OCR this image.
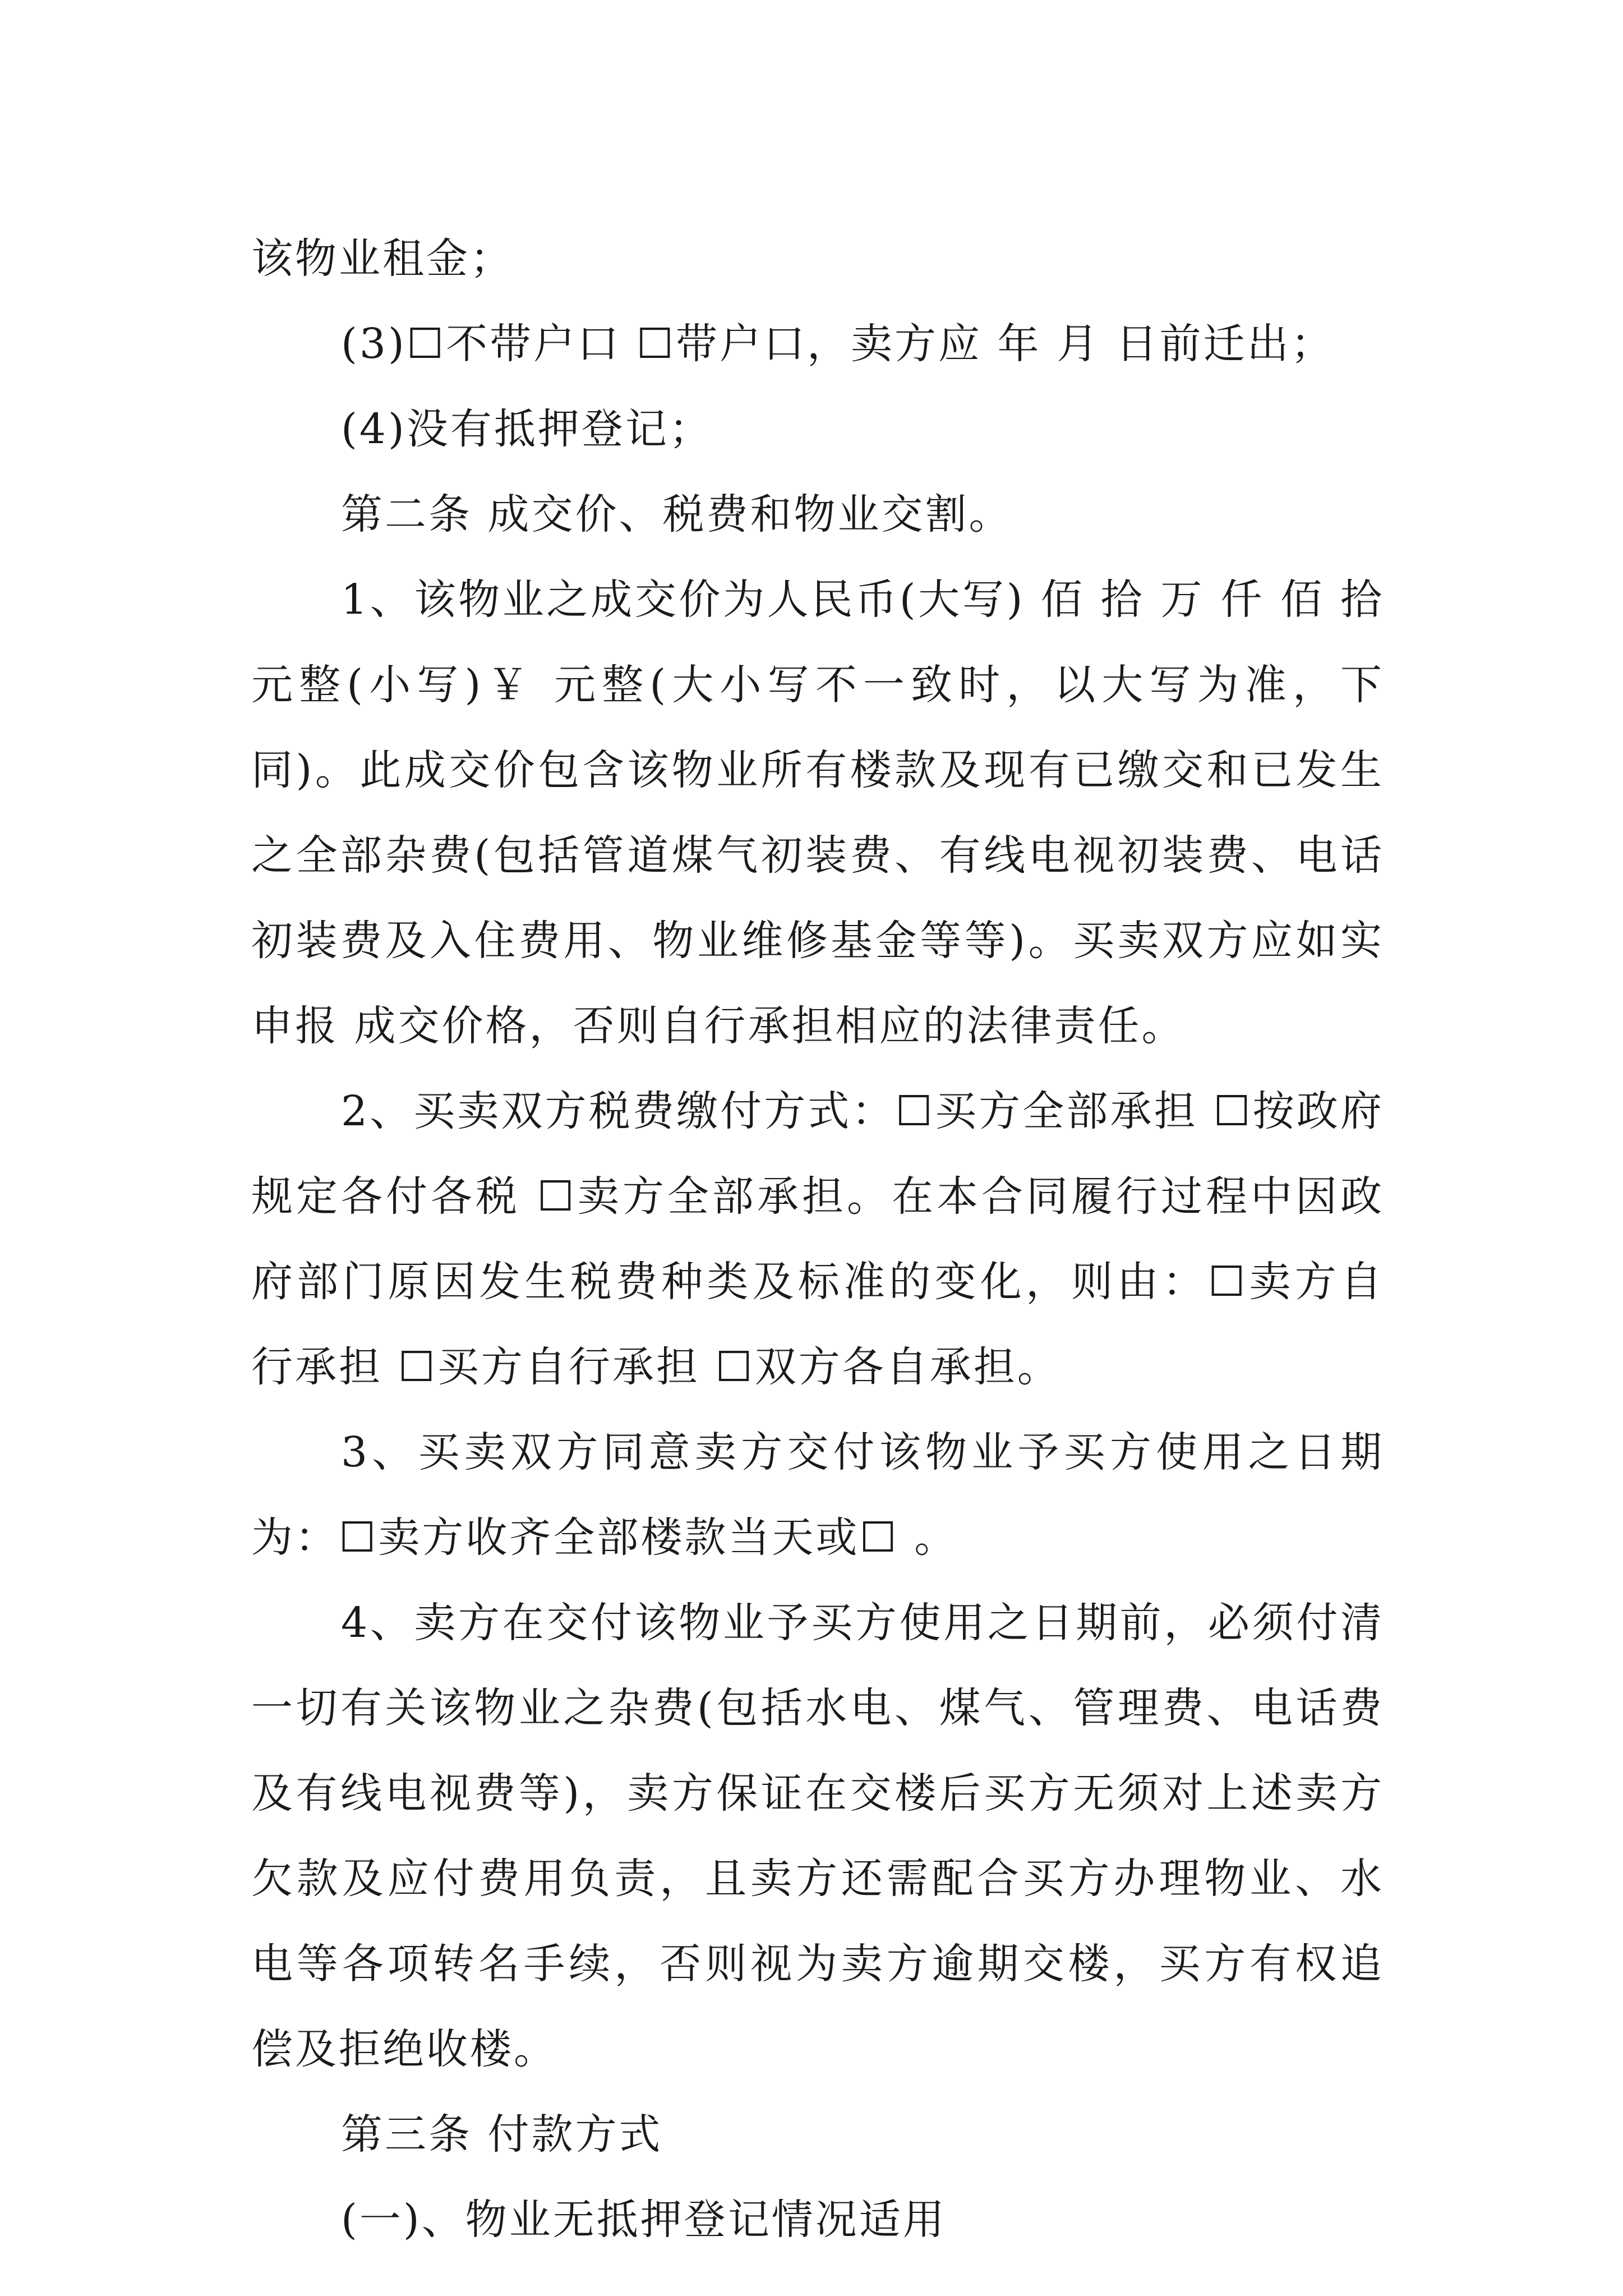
该物业租金；

(3)☐不带户口 ☐带户口，卖方应 年 月 日前迁出；

(4)没有抵押登记；

第二条 成交价、税费和物业交割。

1、该物业之成交价为人民币(大写) 佰 拾 万 仟 佰 拾 元整(小写)￥ 元整(大小写不一致时，以大写为准，下同)。此成交价包含该物业所有楼款及现有已缴交和已发生之全部杂费(包括管道煤气初装费、有线电视初装费、电话初装费及入住费用、物业维修基金等等)。买卖双方应如实申报 成交价格，否则自行承担相应的法律责任。

2、买卖双方税费缴付方式：☐买方全部承担 ☐按政府规定各付各税 ☐卖方全部承担。在本合同履行过程中因政府部门原因发生税费种类及标准的变化，则由：☐卖方自行承担 ☐买方自行承担 ☐双方各自承担。

3、买卖双方同意卖方交付该物业予买方使用之日期为：☐卖方收齐全部楼款当天或☐ 。

4、卖方在交付该物业予买方使用之日期前，必须付清一切有关该物业之杂费(包括水电、煤气、管理费、电话费及有线电视费等)，卖方保证在交楼后买方无须对上述卖方欠款及应付费用负责，且卖方还需配合买方办理物业、水电等各项转名手续，否则视为卖方逾期交楼，买方有权追偿及拒绝收楼。

第三条 付款方式

(一)、物业无抵押登记情况适用
